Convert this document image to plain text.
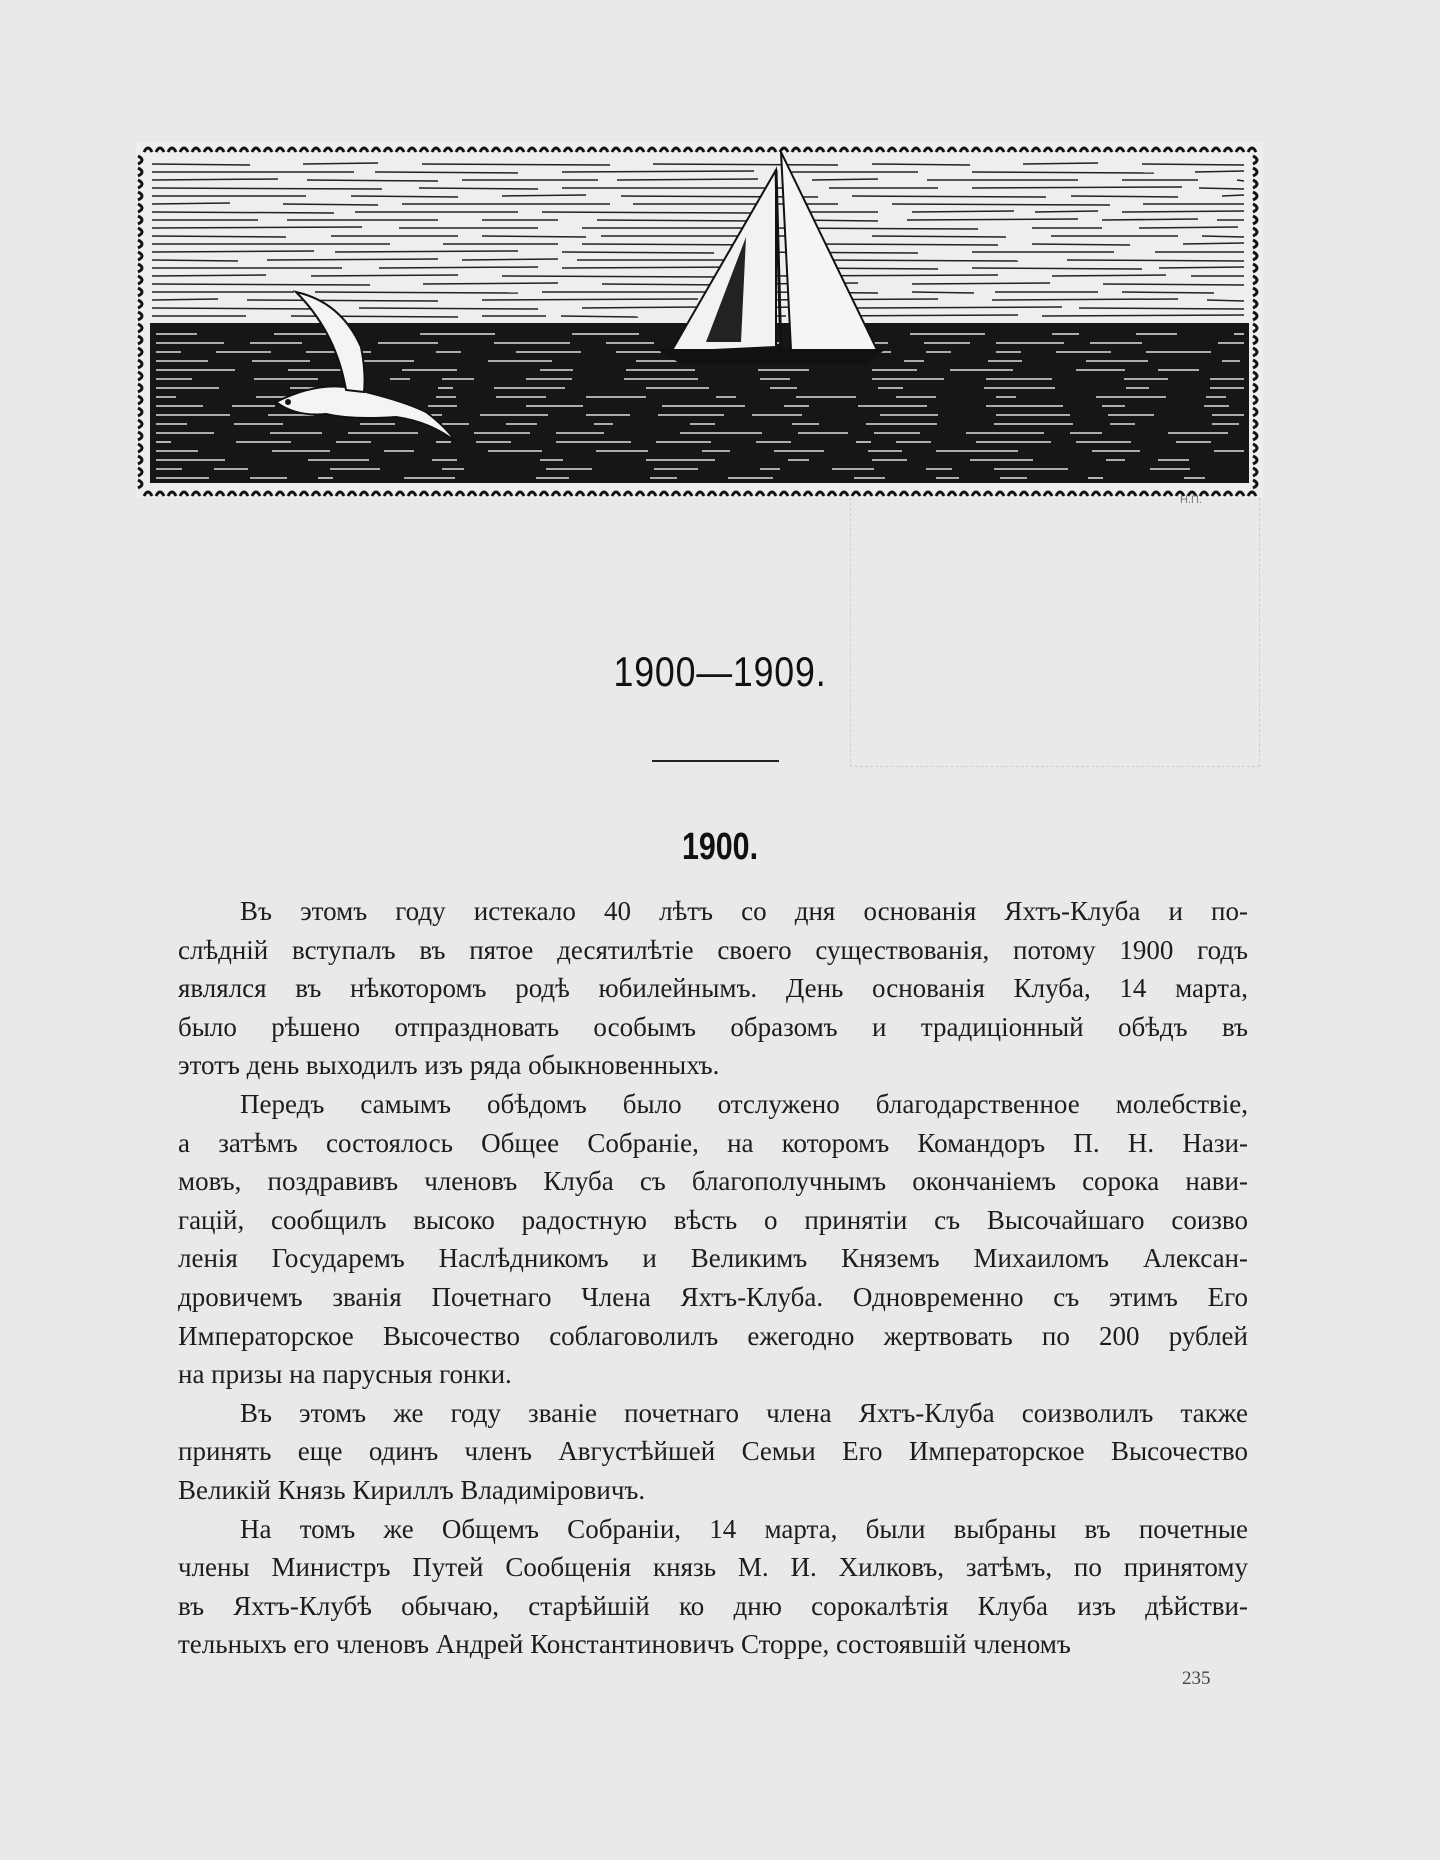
Н.П.
1900—1909.
1900.
Въ этомъ году истекало 40 лѣтъ со дня основанія Яхтъ-Клуба и по-
слѣдній вступалъ въ пятое десятилѣтіе своего существованія, потому 1900 годъ
являлся въ нѣкоторомъ родѣ юбилейнымъ. День основанія Клуба, 14 марта,
было рѣшено отпраздновать особымъ образомъ и традиціонный обѣдъ въ
этотъ день выходилъ изъ ряда обыкновенныхъ.
Передъ самымъ обѣдомъ было отслужено благодарственное молебствіе,
а затѣмъ состоялось Общее Собраніе, на которомъ Командоръ П. Н. Нази-
мовъ, поздравивъ членовъ Клуба съ благополучнымъ окончаніемъ сорока нави-
гацій, сообщилъ высоко радостную вѣсть о принятіи съ Высочайшаго соизво
ленія Государемъ Наслѣдникомъ и Великимъ Княземъ Михаиломъ Алексан-
дровичемъ званія Почетнаго Члена Яхтъ-Клуба. Одновременно съ этимъ Его
Императорское Высочество соблаговолилъ ежегодно жертвовать по 200 рублей
на призы на парусныя гонки.
Въ этомъ же году званіе почетнаго члена Яхтъ-Клуба соизволилъ также
принять еще одинъ членъ Августѣйшей Семьи Его Императорское Высочество
Великій Князь Кириллъ Владиміровичъ.
На томъ же Общемъ Собраніи, 14 марта, были выбраны въ почетные
члены Министръ Путей Сообщенія князь М. И. Хилковъ, затѣмъ, по принятому
въ Яхтъ-Клубѣ обычаю, старѣйшій ко дню сорокалѣтія Клуба изъ дѣйстви-
тельныхъ его членовъ Андрей Константиновичъ Сторре, состоявшій членомъ
235
